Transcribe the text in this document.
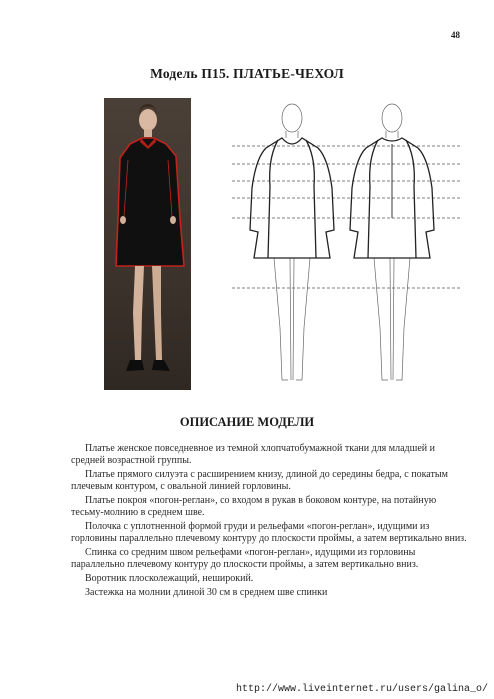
48
Модель П15. ПЛАТЬЕ-ЧЕХОЛ
ОПИСАНИЕ МОДЕЛИ

Платье женское повседневное из темной хлопчатобумажной ткани для младшей и средней возрастной группы.

Платье прямого силуэта с расширением книзу, длиной до середины бедра, с покатым плечевым контуром, с овальной линией горловины.

Платье покроя «погон-реглан», со входом в рукав в боковом контуре, на потайную тесьму-молнию в среднем шве.

Полочка с уплотненной формой груди и рельефами «погон-реглан», идущими из горловины параллельно плечевому контуру до плоскости проймы, а затем вертикально вниз.

Спинка со средним швом рельефами «погон-реглан», идущими из горловины параллельно плечевому контуру до плоскости проймы, а затем вертикально вниз.

Воротник плосколежащий, неширокий.

Застежка на молнии длиной 30 см в среднем шве спинки

http://www.liveinternet.ru/users/galina_o/
